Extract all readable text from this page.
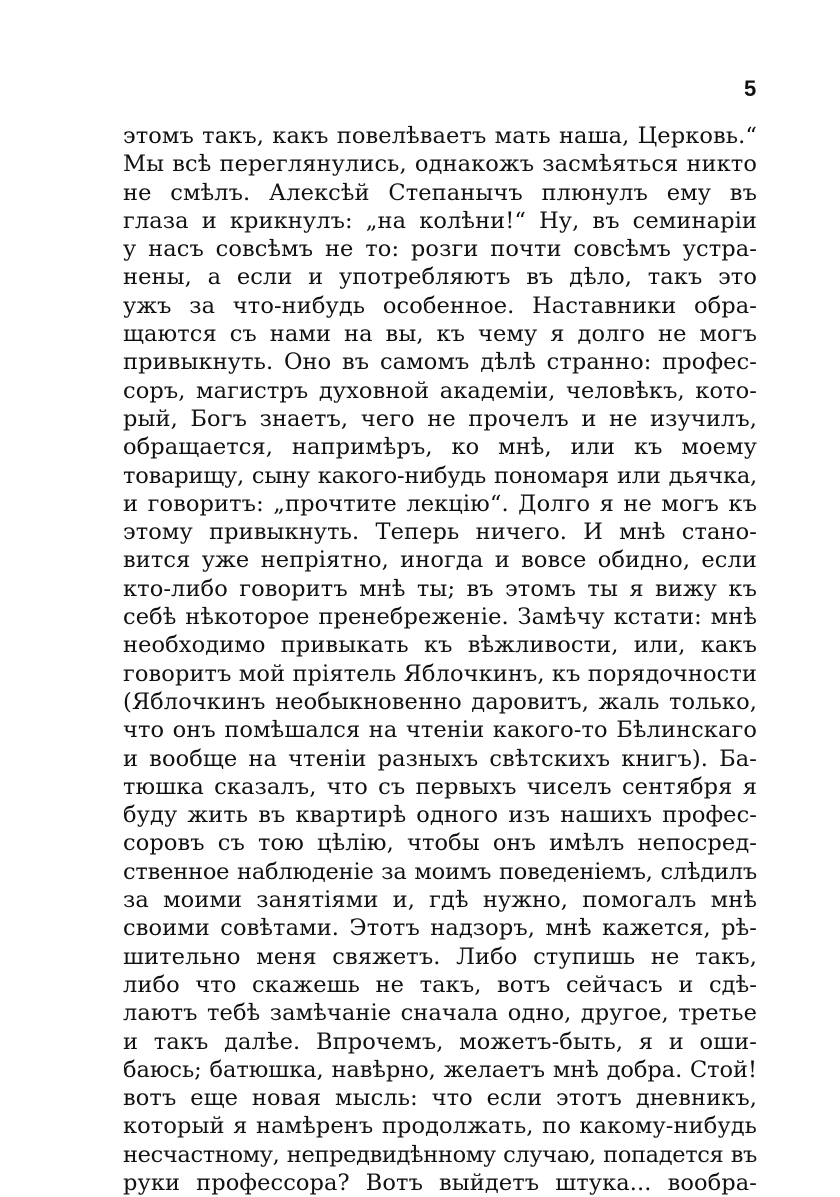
5
этомъ такъ, какъ повелѣваетъ мать наша, Церковь.“
Мы всѣ переглянулись, однакожъ засмѣяться никто
не смѣлъ. Алексѣй Степанычъ плюнулъ ему въ
глаза и крикнулъ: „на колѣни!“ Ну, въ семинаріи
у насъ совсѣмъ не то: розги почти совсѣмъ устра-
нены, а если и употребляютъ въ дѣло, такъ это
ужъ за что-нибудь особенное. Наставники обра-
щаются съ нами на вы, къ чему я долго не могъ
привыкнуть. Оно въ самомъ дѣлѣ странно: профес-
соръ, магистръ духовной академіи, человѣкъ, кото-
рый, Богъ знаетъ, чего не прочелъ и не изучилъ,
обращается, напримѣръ, ко мнѣ, или къ моему
товарищу, сыну какого-нибудь пономаря или дьячка,
и говоритъ: „прочтите лекцію“. Долго я не могъ къ
этому привыкнуть. Теперь ничего. И мнѣ стано-
вится уже непріятно, иногда и вовсе обидно, если
кто-либо говоритъ мнѣ ты; въ этомъ ты я вижу къ
себѣ нѣкоторое пренебреженіе. Замѣчу кстати: мнѣ
необходимо привыкать къ вѣжливости, или, какъ
говоритъ мой пріятель Яблочкинъ, къ порядочности
(Яблочкинъ необыкновенно даровитъ, жаль только,
что онъ помѣшался на чтеніи какого-то Бѣлинскаго
и вообще на чтеніи разныхъ свѣтскихъ книгъ). Ба-
тюшка сказалъ, что съ первыхъ чиселъ сентября я
буду жить въ квартирѣ одного изъ нашихъ профес-
соровъ съ тою цѣлію, чтобы онъ имѣлъ непосред-
ственное наблюденіе за моимъ поведеніемъ, слѣдилъ
за моими занятіями и, гдѣ нужно, помогалъ мнѣ
своими совѣтами. Этотъ надзоръ, мнѣ кажется, рѣ-
шительно меня свяжетъ. Либо ступишь не такъ,
либо что скажешь не такъ, вотъ сейчасъ и сдѣ-
лаютъ тебѣ замѣчаніе сначала одно, другое, третье
и такъ далѣе. Впрочемъ, можетъ-быть, я и оши-
баюсь; батюшка, навѣрно, желаетъ мнѣ добра. Стой!
вотъ еще новая мысль: что если этотъ дневникъ,
который я намѣренъ продолжать, по какому-нибудь
несчастному, непредвидѣнному случаю, попадется въ
руки профессора? Вотъ выйдетъ штука... вообра-
